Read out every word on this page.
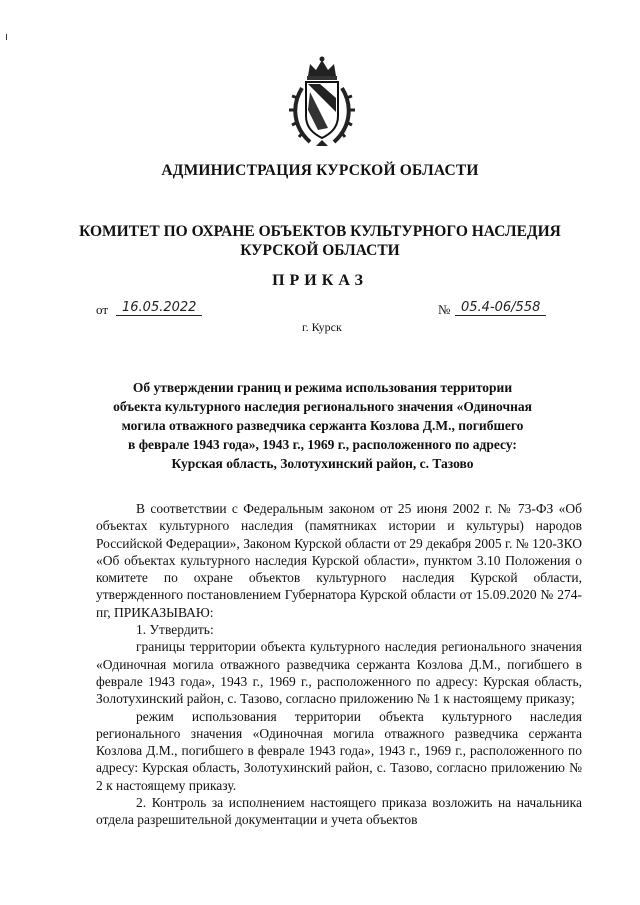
АДМИНИСТРАЦИЯ КУРСКОЙ ОБЛАСТИ
КОМИТЕТ ПО ОХРАНЕ ОБЪЕКТОВ КУЛЬТУРНОГО НАСЛЕДИЯ
КУРСКОЙ ОБЛАСТИ
ПРИКАЗ
от	16.05.2022	№ 05.4-06/558
г. Курск
Об утверждении границ и режима использования территории
объекта культурного наследия регионального значения «Одиночная
могила отважного разведчика сержанта Козлова Д.М., погибшего
в феврале 1943 года», 1943 г., 1969 г., расположенного по адресу:
Курская область, Золотухинский район, с. Тазово

В соответствии с Федеральным законом от 25 июня 2002 г. № 73-ФЗ «Об объектах культурного наследия (памятниках истории и культуры) народов Российской Федерации», Законом Курской области от 29 декабря 2005 г. № 120-ЗКО «Об объектах культурного наследия Курской области», пунктом 3.10 Положения о комитете по охране объектов культурного наследия Курской области, утвержденного постановлением Губернатора Курской области от 15.09.2020 № 274-пг, ПРИКАЗЫВАЮ:

1. Утвердить:

границы территории объекта культурного наследия регионального значения «Одиночная могила отважного разведчика сержанта Козлова Д.М., погибшего в феврале 1943 года», 1943 г., 1969 г., расположенного по адресу: Курская область, Золотухинский район, с. Тазово, согласно приложению № 1 к настоящему приказу;

режим использования территории объекта культурного наследия регионального значения «Одиночная могила отважного разведчика сержанта Козлова Д.М., погибшего в феврале 1943 года», 1943 г., 1969 г., расположенного по адресу: Курская область, Золотухинский район, с. Тазово, согласно приложению № 2 к настоящему приказу.

2. Контроль за исполнением настоящего приказа возложить на начальника отдела разрешительной документации и учета объектов
